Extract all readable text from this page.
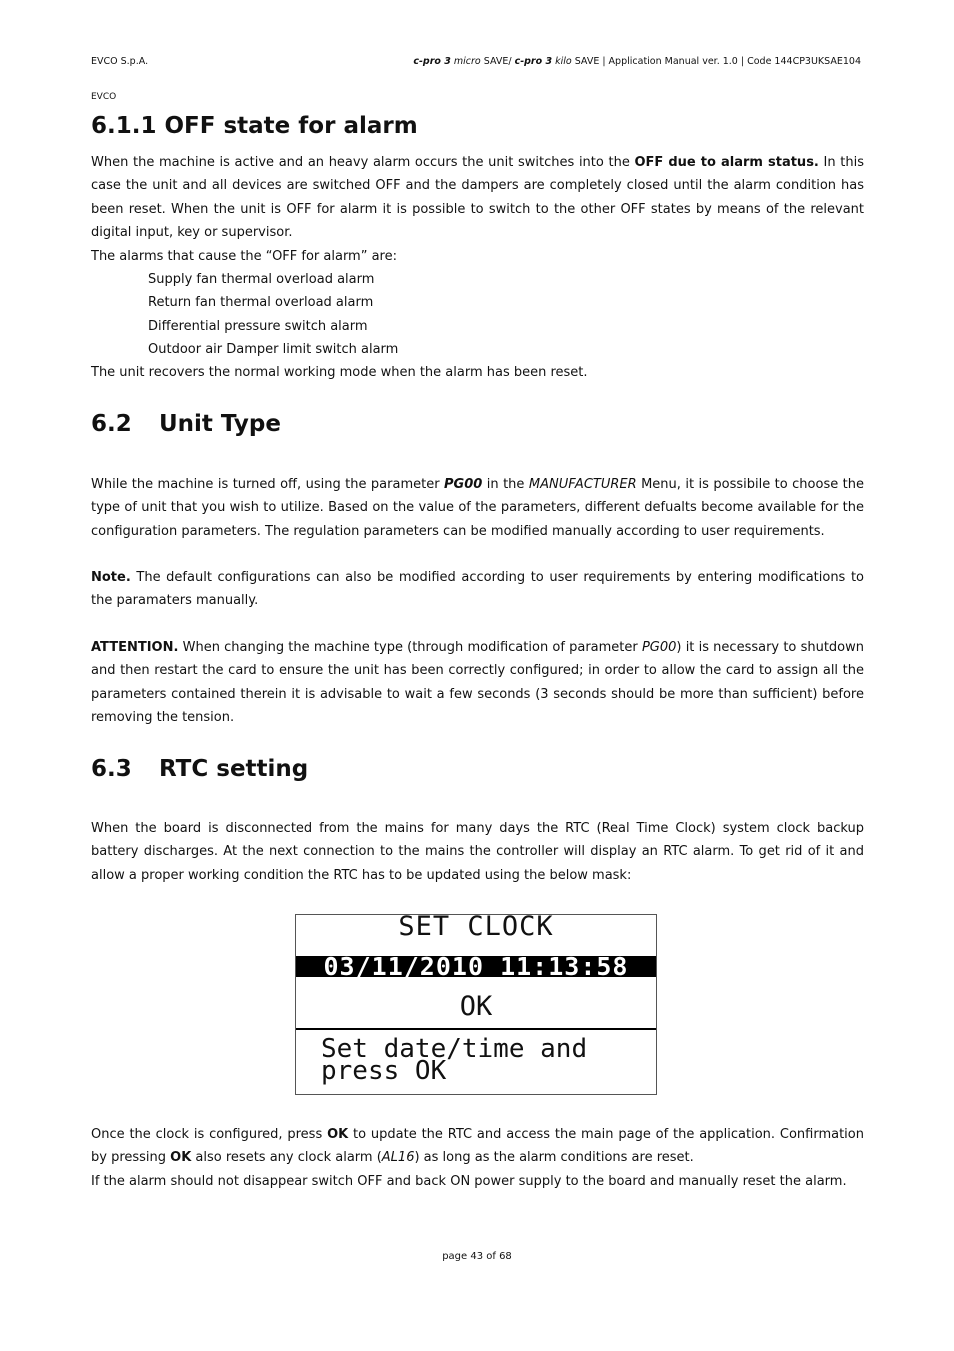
EVCO S.p.A.	c-pro 3 micro SAVE/ c-pro 3 kilo SAVE | Application Manual ver. 1.0 | Code 144CP3UKSAE104
EVCO
6.1.1 OFF state for alarm

When the machine is active and an heavy alarm occurs the unit switches into the OFF due to alarm status. In this case the unit and all devices are switched OFF and the dampers are completely closed until the alarm condition has been reset. When the unit is OFF for alarm it is possible to switch to the other OFF states by means of the relevant digital input, key or supervisor.

The alarms that cause the “OFF for alarm” are:

Supply fan thermal overload alarm

Return fan thermal overload alarm

Differential pressure switch alarm

Outdoor air Damper limit switch alarm

The unit recovers the normal working mode when the alarm has been reset.

6.2 Unit Type

While the machine is turned off, using the parameter PG00 in the MANUFACTURER Menu, it is possibile to choose the type of unit that you wish to utilize. Based on the value of the parameters, different defualts become available for the configuration parameters. The regulation parameters can be modified manually according to user requirements.

Note. The default configurations can also be modified according to user requirements by entering modifications to the paramaters manually.

ATTENTION. When changing the machine type (through modification of parameter PG00) it is necessary to shutdown and then restart the card to ensure the unit has been correctly configured; in order to allow the card to assign all the parameters contained therein it is advisable to wait a few seconds (3 seconds should be more than sufficient) before removing the tension.

6.3 RTC setting

When the board is disconnected from the mains for many days the RTC (Real Time Clock) system clock backup battery discharges. At the next connection to the mains the controller will display an RTC alarm. To get rid of it and allow a proper working condition the RTC has to be updated using the below mask:

SET CLOCK
03/11/2010 11:13:58
OK
Set date/time and
press OK

Once the clock is configured, press OK to update the RTC and access the main page of the application. Confirmation by pressing OK also resets any clock alarm (AL16) as long as the alarm conditions are reset.

If the alarm should not disappear switch OFF and back ON power supply to the board and manually reset the alarm.

page 43 of 68
